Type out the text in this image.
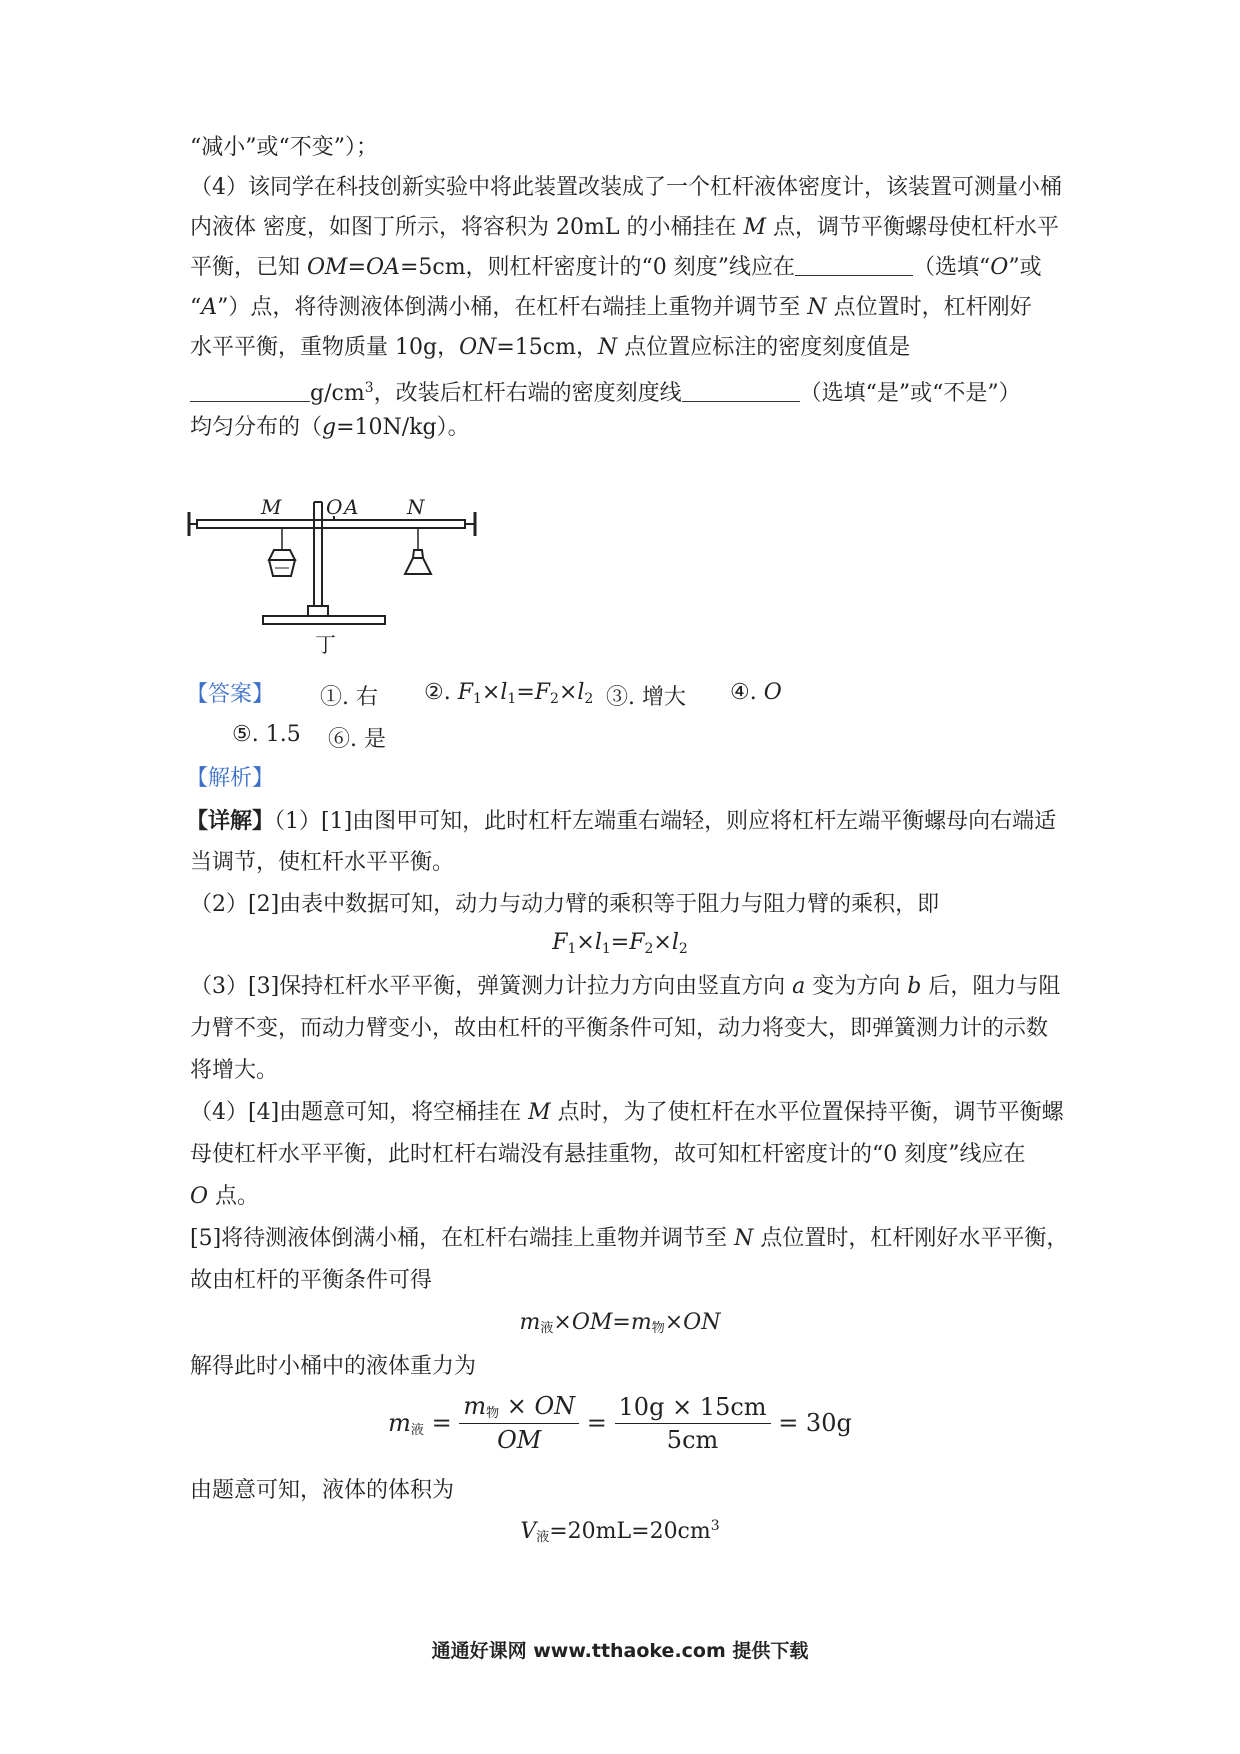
“减小”或“不变”）；
（4）该同学在科技创新实验中将此装置改装成了一个杠杆液体密度计，该装置可测量小桶
内液体 密度，如图丁所示，将容积为 20mL 的小桶挂在 M 点，调节平衡螺母使杠杆水平
平衡，已知 OM=OA=5cm，则杠杆密度计的“0 刻度”线应在	（选填“O”或
“A”）点，将待测液体倒满小桶，在杠杆右端挂上重物并调节至 N 点位置时，杠杆刚好
水平平衡，重物质量 10g，ON=15cm，N 点位置应标注的密度刻度值是
$g/cm^3$，改装后杠杆右端的密度刻度线	（选填“是”或“不是”）
均匀分布的（g=10N/kg）。
M O A N
丁
【答案】 ①. 右 ②. $F_1\times l_1=F_2\times l_2$ ③. 增大 ④. O
⑤. 1.5 ⑥. 是
【解析】
【详解】（1）[1]由图甲可知，此时杠杆左端重右端轻，则应将杠杆左端平衡螺母向右端适
当调节，使杠杆水平平衡。
（2）[2]由表中数据可知，动力与动力臂的乘积等于阻力与阻力臂的乘积，即
$F_1\times l_1=F_2\times l_2$
（3）[3]保持杠杆水平平衡，弹簧测力计拉力方向由竖直方向 a 变为方向 b 后，阻力与阻
力臂不变，而动力臂变小，故由杠杆的平衡条件可知，动力将变大，即弹簧测力计的示数
将增大。
（4）[4]由题意可知，将空桶挂在 M 点时，为了使杠杆在水平位置保持平衡，调节平衡螺
母使杠杆水平平衡，此时杠杆右端没有悬挂重物，故可知杠杆密度计的“0 刻度”线应在
O 点。
[5]将待测液体倒满小桶，在杠杆右端挂上重物并调节至 N 点位置时，杠杆刚好水平平衡，
故由杠杆的平衡条件可得
m液×OM=m物×ON
解得此时小桶中的液体重力为
m液 = $\frac{\text{m物 × ON}}{OM} = \frac{10g \times 15cm}{5cm} = 30g$
由题意可知，液体的体积为
V液$=20mL=20cm^3$
通通好课网 www.tthaoke.com 提供下载
